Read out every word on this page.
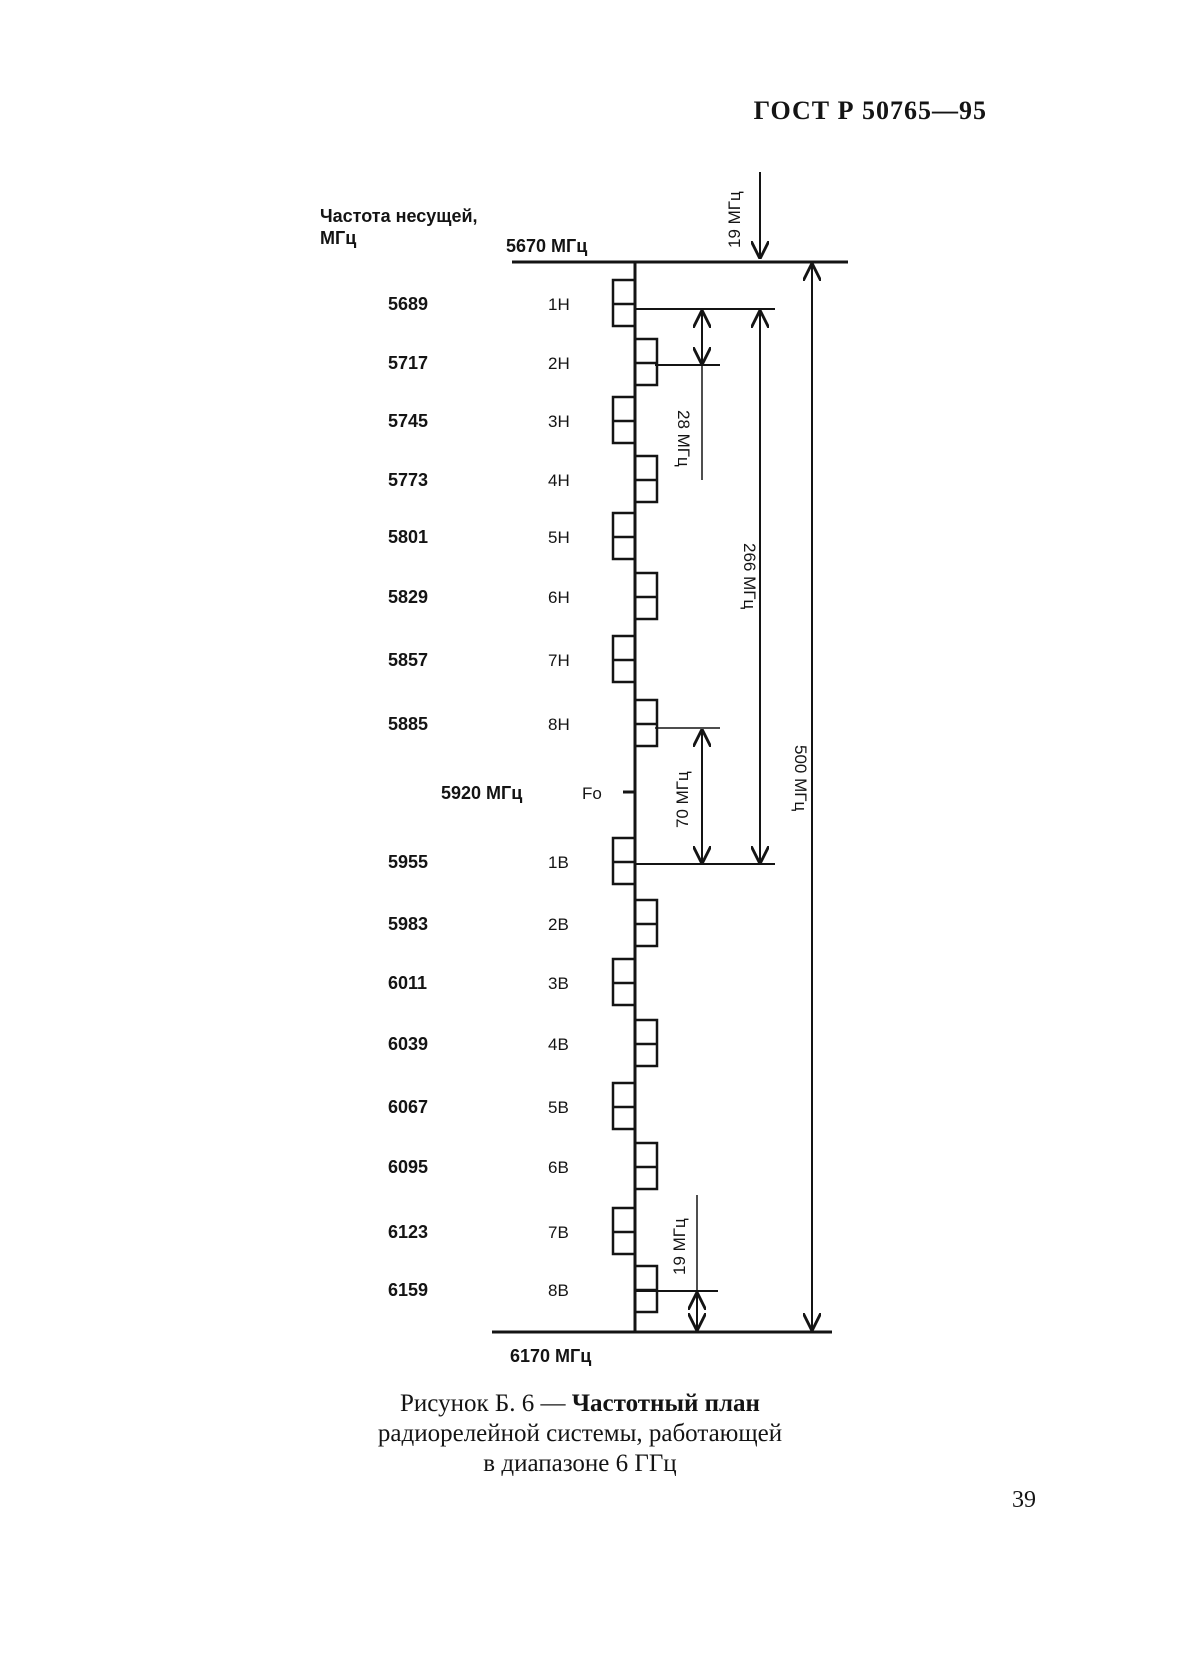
ГОСТ Р 50765—95
Частота несущей,
МГц	5670 МГц
6170 МГц
5920 МГц	Fo
5689	1Н
5717	2Н
5745	3Н
5773	4Н
5801	5Н
5829	6Н
5857	7Н
5885	8Н
5955	1В
5983	2В
6011	3В
6039	4В
6067	5В
6095	6В
6123	7В
6159	8В
19 МГц
28 МГц
266 МГц
70 МГц	500 МГц
19 МГц
Рисунок Б. 6 — Частотный план
радиорелейной системы, работающей
в диапазоне 6 ГГц
39
